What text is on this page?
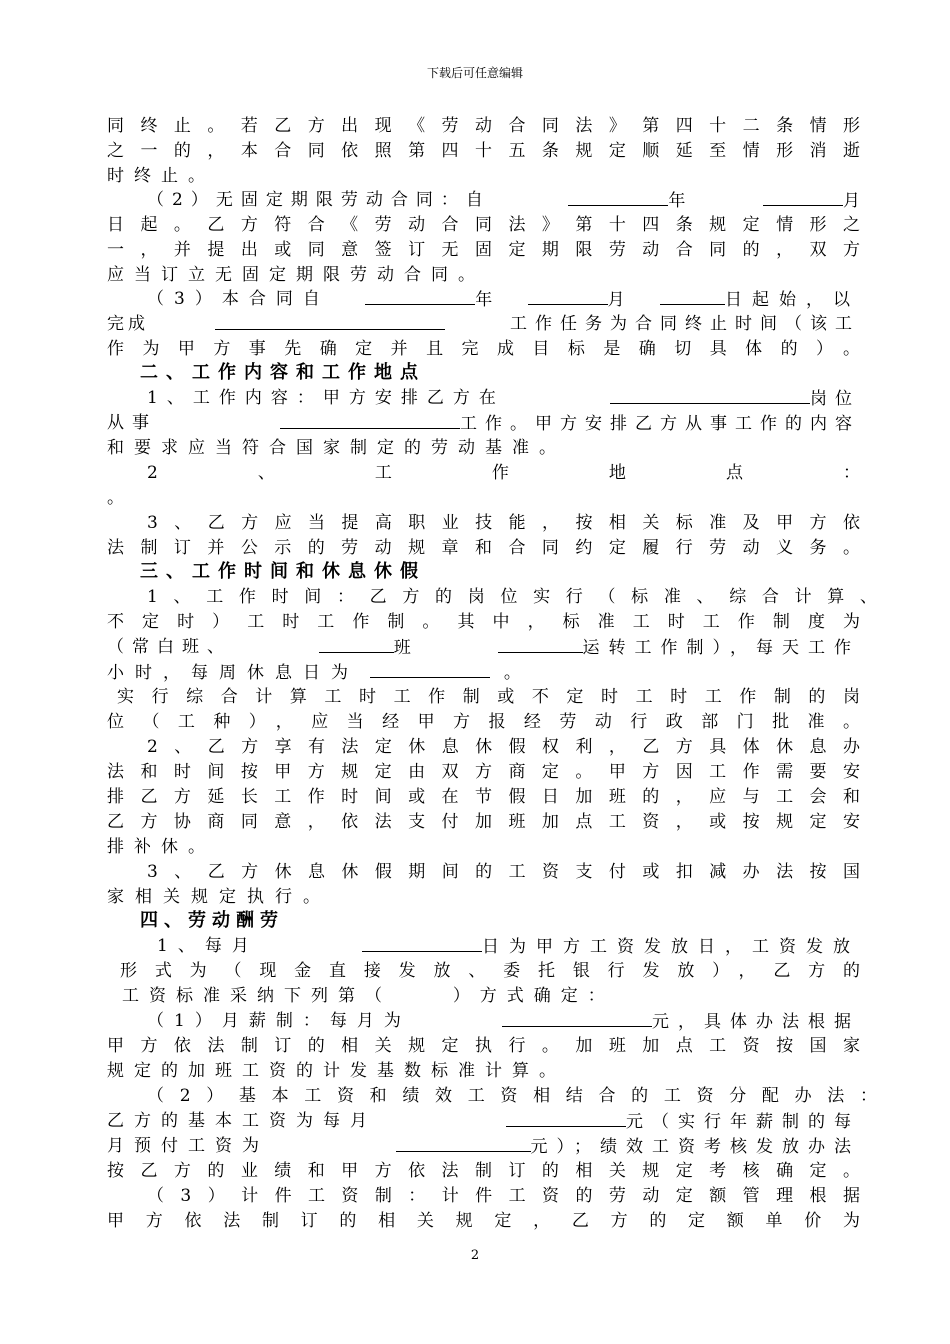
下载后可任意编辑
同终止。若乙方出现《劳动合同法》第四十二条情形
之一的，本合同依照第四十五条规定顺延至情形消逝
时终止。
（2）无固定期限劳动合同：自	年	月
日起。乙方符合《劳动合同法》第十四条规定情形之
一，并提出或同意签订无固定期限劳动合同的，双方
应当订立无固定期限劳动合同。
（3）本合同自	年	月	日起始，以
完成	工作任务为合同终止时间（该工
作为甲方事先确定并且完成目标是确切具体的）。
二、工作内容和工作地点
1、工作内容：甲方安排乙方在	岗位
从事	工作。甲方安排乙方从事工作的内容
和要求应当符合国家制定的劳动基准。
2、工作地点：
。
3、乙方应当提高职业技能，按相关标准及甲方依
法制订并公示的劳动规章和合同约定履行劳动义务。
三、工作时间和休息休假
1、工作时间：乙方的岗位实行（标准、综合计算、
不定时）工时工作制。其中，标准工时工作制度为
（常白班、	班	运转工作制），每天工作
小时，每周休息日为	。
实行综合计算工时工作制或不定时工时工作制的岗
位（工种），应当经甲方报经劳动行政部门批准。
2、乙方享有法定休息休假权利，乙方具体休息办
法和时间按甲方规定由双方商定。甲方因工作需要安
排乙方延长工作时间或在节假日加班的，应与工会和
乙方协商同意，依法支付加班加点工资，或按规定安
排补休。
3、乙方休息休假期间的工资支付或扣减办法按国
家相关规定执行。
四、劳动酬劳
1、每月	日为甲方工资发放日，工资发放
形式为（现金直接发放、委托银行发放），乙方的
工资标准采纳下列第（	）方式确定：
（1）月薪制：每月为	元，具体办法根据
甲方依法制订的相关规定执行。加班加点工资按国家
规定的加班工资的计发基数标准计算。
（2）基本工资和绩效工资相结合的工资分配办法：
乙方的基本工资为每月	元（实行年薪制的每
月预付工资为	元）；绩效工资考核发放办法
按乙方的业绩和甲方依法制订的相关规定考核确定。
（3）计件工资制：计件工资的劳动定额管理根据
甲方依法制订的相关规定，乙方的定额单价为
2
